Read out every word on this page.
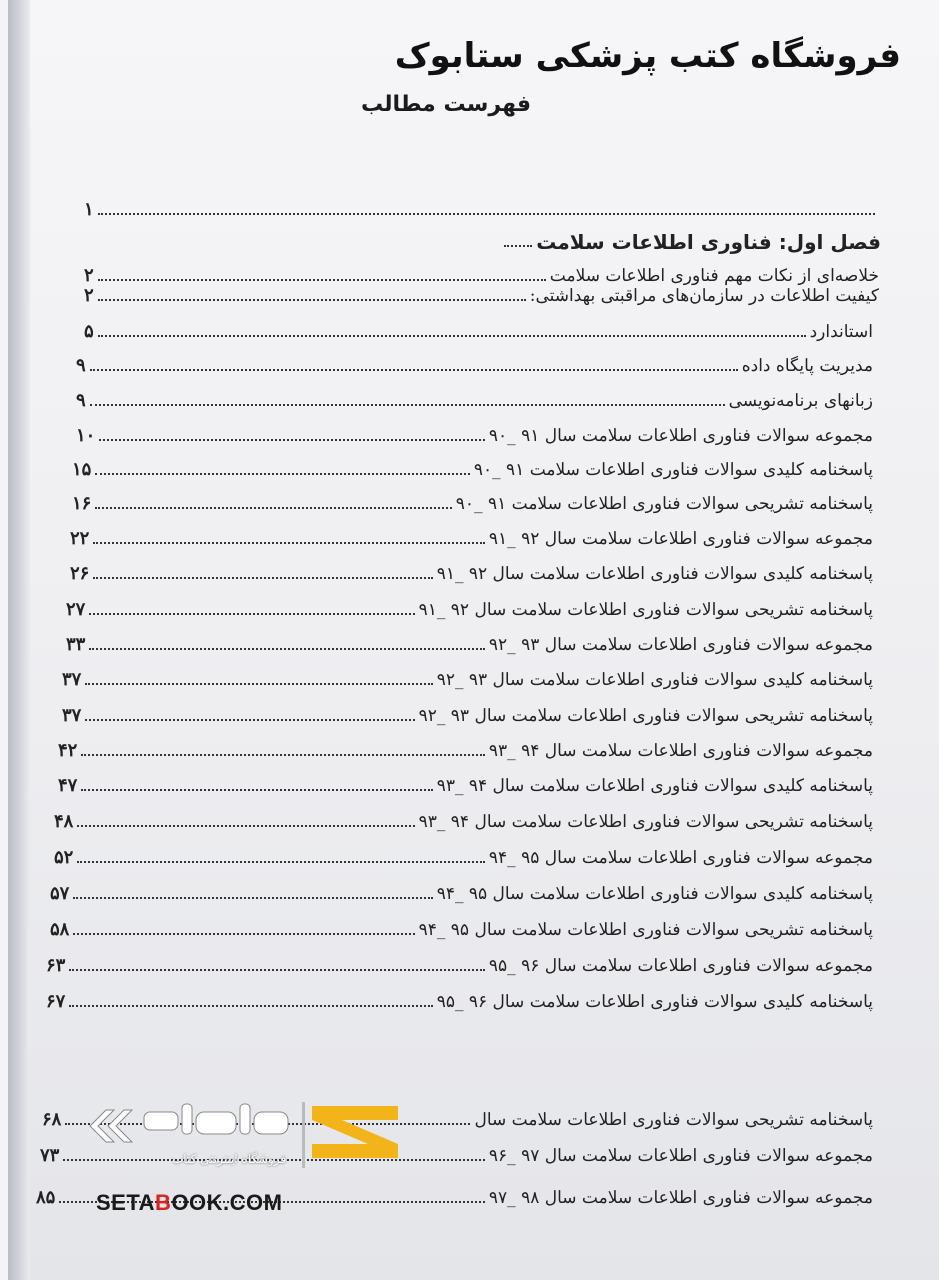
فروشگاه کتب پزشکی ستابوک
فهرست مطالب
۱
فصل اول: فناوری اطلاعات سلامت
خلاصه‌ای از نکات مهم فناوری اطلاعات سلامت
۲
کیفیت اطلاعات در سازمان‌های مراقبتی بهداشتی:
۲
استاندارد
۵
مدیریت پایگاه داده
۹
زبانهای برنامه‌نویسی
۹
مجموعه سوالات فناوری اطلاعات سلامت سال ۹۱ _۹۰
۱۰
پاسخنامه کلیدی سوالات فناوری اطلاعات سلامت ۹۱ _۹۰
۱۵
پاسخنامه تشریحی سوالات فناوری اطلاعات سلامت ۹۱ _۹۰
۱۶
مجموعه سوالات فناوری اطلاعات سلامت سال ۹۲ _۹۱
۲۲
پاسخنامه کلیدی سوالات فناوری اطلاعات سلامت سال ۹۲ _۹۱
۲۶
پاسخنامه تشریحی سوالات فناوری اطلاعات سلامت سال ۹۲ _۹۱
۲۷
مجموعه سوالات فناوری اطلاعات سلامت سال ۹۳ _۹۲
۳۳
پاسخنامه کلیدی سوالات فناوری اطلاعات سلامت سال ۹۳ _۹۲
۳۷
پاسخنامه تشریحی سوالات فناوری اطلاعات سلامت سال ۹۳ _۹۲
۳۷
مجموعه سوالات فناوری اطلاعات سلامت سال ۹۴ _۹۳
۴۲
پاسخنامه کلیدی سوالات فناوری اطلاعات سلامت سال ۹۴ _۹۳
۴۷
پاسخنامه تشریحی سوالات فناوری اطلاعات سلامت سال ۹۴ _۹۳
۴۸
مجموعه سوالات فناوری اطلاعات سلامت سال ۹۵ _۹۴
۵۲
پاسخنامه کلیدی سوالات فناوری اطلاعات سلامت سال ۹۵ _۹۴
۵۷
پاسخنامه تشریحی سوالات فناوری اطلاعات سلامت سال ۹۵ _۹۴
۵۸
مجموعه سوالات فناوری اطلاعات سلامت سال ۹۶ _۹۵
۶۳
پاسخنامه کلیدی سوالات فناوری اطلاعات سلامت سال ۹۶ _۹۵
۶۷
پاسخنامه تشریحی سوالات فناوری اطلاعات سلامت سال
۶۸
مجموعه سوالات فناوری اطلاعات سلامت سال ۹۷ _۹۶
۷۳
مجموعه سوالات فناوری اطلاعات سلامت سال ۹۸ _۹۷
۸۵
فروشگاه اینترنتی کتاب
SETABOOK.COM
